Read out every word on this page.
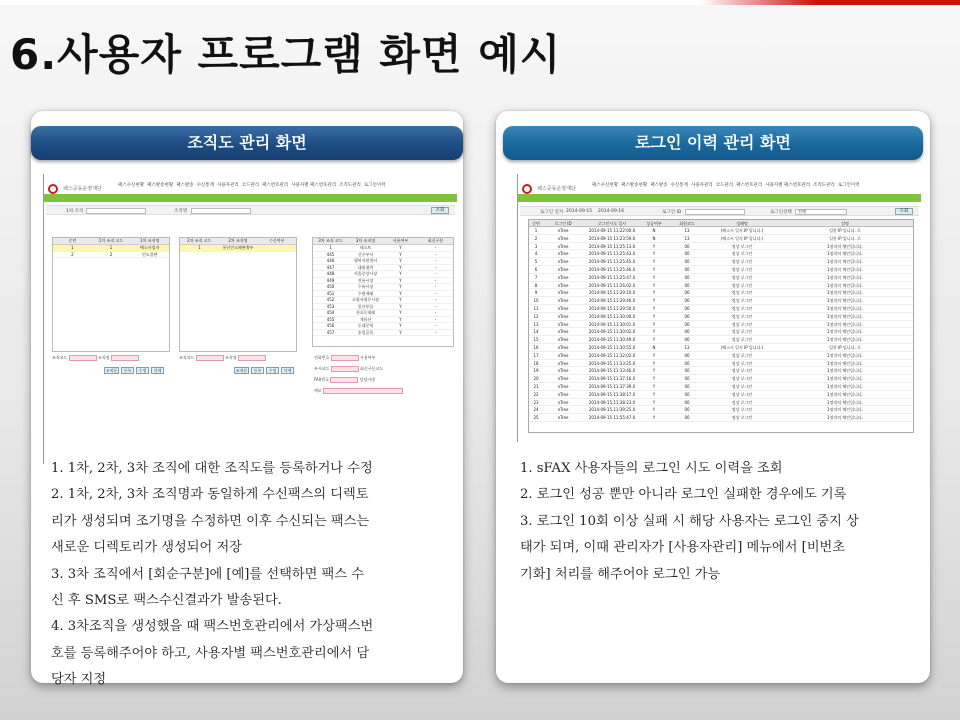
6.사용자 프로그램 화면 예시
조직도 관리 화면
팩스공동운영재단
팩스수신현황 팩스발송현황 팩스발송 수신통계 사용자관리 코드관리 팩스번호관리 사용자별 팩스번호관리 조직도관리 로그인이력
1차 조직	조직명	조회
순번	1차 조직 코드	1차 조직명
1	1	팩스사업자
2	2	민소결판
2차 조직 코드	2차 조직명	수신여부
1	통신민소해판출부
3차 조직 코드	3차 조직명	사용여부	회신구분
1	테스트	Y	-
445	신중부서	Y	-
446	행복지원센터	Y	-
447	대외협력	Y	-
448	서울중앙시장	Y	-
449	전통시장	Y	-
450	수유시장	Y	-
451	수원재래	Y	-
452	고령자협동시장	Y	-
453	일산풍물	Y	-
454	천호동재래	Y	-
455	개미산	Y	-
456	동대문역	Y	-
457	송림골목	Y	-
조직코드	조직명	조직코드	조직명
조직등	등록	수정	삭제	조직등	등록	수정	삭제
전화번호	사용여부
부서코드	회신구분코드
FAX번호	담당자명
메모
1. 1차, 2차, 3차 조직에 대한 조직도를 등록하거나 수정
2. 1차, 2차, 3차 조직명과 동일하게 수신팩스의 디렉토
리가 생성되며 조기명을 수정하면 이후 수신되는 팩스는
새로운 디렉토리가 생성되어 저장
3. 3차 조직에서 [회순구분]에 [예]를 선택하면 팩스 수
신 후 SMS로 팩스수신결과가 발송된다.
4. 3차조직을 생성했을 때 팩스번호관리에서 가상팩스번
호를 등록해주어야 하고, 사용자별 팩스번호관리에서 담
당자 지정
로그인 이력 관리 화면
팩스공동운영재단
팩스수신현황 팩스발송현황 팩스발송 수신통계 사용자관리 코드관리 팩스번호관리 사용자별 팩스번호관리 조직도관리 로그인이력
로그인 일자 2014-09-15 2014-09-16	로그인 ID	로그인상태	전체	조회
순번	로그인 ID	로그인시도 일시	성공여부	회원코드	성패명	설명
1	nTree	2014-09-15 11:22:00.0	N	13	(팩스시 일지 IP 입니다.)	일한 IP 입니다. 로
2	nTree	2014-09-15 11:23:59.0	N	13	(팩스시 일지 IP 입니다.)	일한 IP 입니다. 로
3	nTree	2014-09-15 11:25:13.0	Y	00	정상 로그인	1정작의 체인입니다.
4	nTree	2014-09-15 11:25:43.0	Y	00	정상 로그인	1정작의 체인입니다.
5	nTree	2014-09-15 11:25:45.0	Y	00	정상 로그인	1정작의 체인입니다.
6	nTree	2014-09-15 11:25:46.0	Y	00	정상 로그인	1정작의 체인입니다.
7	nTree	2014-09-15 11:25:47.0	Y	00	정상 로그인	1정작의 체인입니다.
8	nTree	2014-09-15 11:26:02.0	Y	00	정상 로그인	1정작의 체인입니다.
9	nTree	2014-09-15 11:29:10.0	Y	00	정상 로그인	1정작의 체인입니다.
10	nTree	2014-09-15 11:29:46.0	Y	00	정상 로그인	1정작의 체인입니다.
11	nTree	2014-09-15 11:29:50.0	Y	00	정상 로그인	1정작의 체인입니다.
12	nTree	2014-09-15 11:30:00.0	Y	00	정상 로그인	1정작의 체인입니다.
13	nTree	2014-09-15 11:30:01.0	Y	00	정상 로그인	1정작의 체인입니다.
14	nTree	2014-09-15 11:30:02.0	Y	00	정상 로그인	1정작의 체인입니다.
15	nTree	2014-09-15 11:30:49.0	Y	00	정상 로그인	1정작의 체인입니다.
16	nTree	2014-09-15 11:30:55.0	N	13	(팩스시 일지 IP 입니다.)	일한 IP 입니다. 로
17	nTree	2014-09-15 11:32:02.0	Y	00	정상 로그인	1정작의 체인입니다.
18	nTree	2014-09-15 11:33:25.0	Y	00	정상 로그인	1정작의 체인입니다.
19	nTree	2014-09-15 11:33:46.0	Y	00	정상 로그인	1정작의 체인입니다.
20	nTree	2014-09-15 11:37:16.0	Y	00	정상 로그인	1정작의 체인입니다.
21	nTree	2014-09-15 11:37:39.0	Y	00	정상 로그인	1정작의 체인입니다.
22	nTree	2014-09-15 11:38:17.0	Y	00	정상 로그인	1정작의 체인입니다.
23	nTree	2014-09-15 11:38:23.0	Y	00	정상 로그인	1정작의 체인입니다.
24	nTree	2014-09-15 11:39:25.0	Y	00	정상 로그인	1정작의 체인입니다.
25	nTree	2014-09-15 11:55:47.0	Y	00	정상 로그인	1정작의 체인입니다.
1. sFAX 사용자들의 로그인 시도 이력을 조회
2. 로그인 성공 뿐만 아니라 로그인 실패한 경우에도 기록
3. 로그인 10회 이상 실패 시 해당 사용자는 로그인 중지 상
태가 되며, 이때 관리자가 [사용자관리] 메뉴에서 [비번초
기화] 처리를 해주어야 로그인 가능
